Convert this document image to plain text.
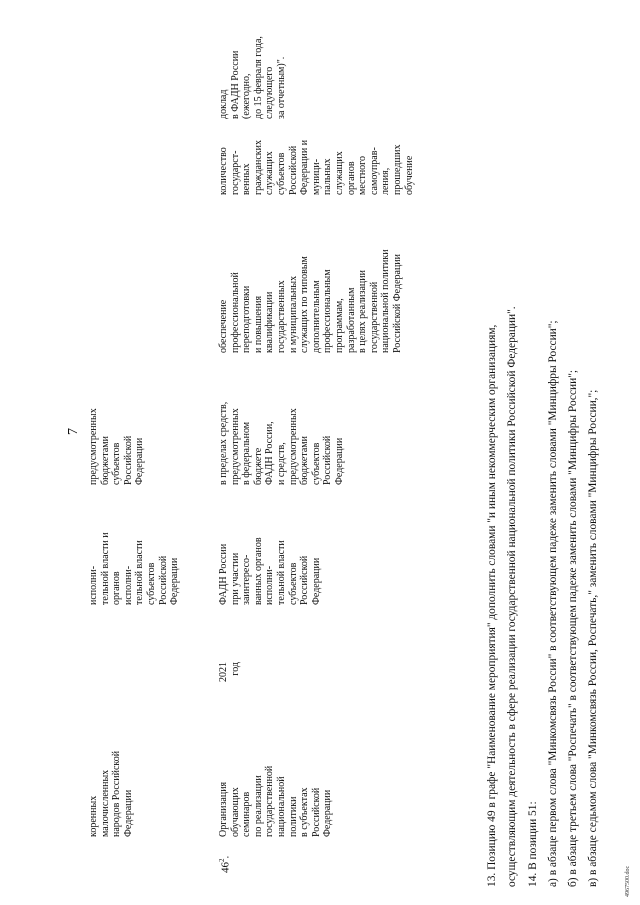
7
коренных
малочисленных
народов Российской
Федерации
исполни-
тельной власти и
органов
исполни-
тельной власти
субъектов
Российской
Федерации
предусмотренных
бюджетами
субъектов
Российской
Федерации
$46^2$.
Организация
обучающих
семинаров
по реализации
государственной
национальной
политики
в субъектах
Российской
Федерации
2021
год
ФАДН России
при участии
заинтересо-
ванных органов
исполни-
тельной власти
субъектов
Российской
Федерации
в пределах средств,
предусмотренных
в федеральном
бюджете
ФАДН России,
и средств,
предусмотренных
бюджетами
субъектов
Российской
Федерации
обеспечение
профессиональной
переподготовки
и повышения
квалификации
государственных
и муниципальных
служащих по типовым
дополнительным
профессиональным
программам,
разработанным
в целях реализации
государственной
национальной политики
Российской Федерации
количество
государст-
венных
гражданских
служащих
субъектов
Российской
Федерации и
муници-
пальных
служащих
органов
местного
самоуправ-
ления,
прошедших
обучение
доклад
в ФАДН России
(ежегодно,
до 15 февраля года,
следующего
за отчетным)".
13. Позицию 49 в графе "Наименование мероприятия" дополнить словами "и иным некоммерческим организациям, осуществляющим деятельность в сфере реализации государственной национальной политики Российской Федерации". 14. В позиции 51: а) в абзаце первом слова "Минкомсвязь России" в соответствующем падеже заменить словами "Минцифры России"; б) в абзаце третьем слова "Роспечать" в соответствующем падеже заменить словами "Минцифры России"; в) в абзаце седьмом слова "Минкомсвязь России, Роспечать," заменить словами "Минцифры России,";	4967500.doc
